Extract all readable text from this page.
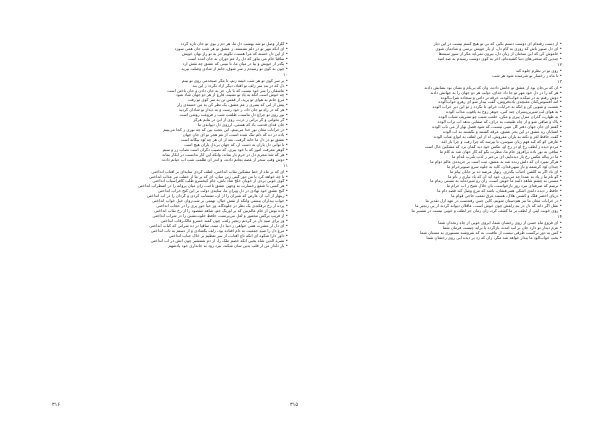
• گلزارِ وصلِ تو شد بهشتِ دلِ ما، هر دم ز بوی تو جان تازه گردد
• ای آنکه مهرِ تو در دلم نشسته، ز عشقِ تو هر شب جان همی سوزد
• از این دلِ خسته که مرا هست، نگویم جز به تو راز نهانِ خویش
• ساقیا جامِ می بیاور که دل را، غمِ دوران به جان آمده است
• بگذر از خویش و بیا در میانِ ما، تا ببینی که عشق چه نقش آرد
• چون به کوی تو رسیدم ز سرِ شوق، جانم از شادیِ وصلت بپرید
۱۰
• بر سرِ کوی تو هر شب خیمه زنم، تا مگر صبحدمی روی تو بینم
• دل که در بندِ سرِ زلفِ تو افتاد، دیگر آزاد نگردد ز این بند
• عاشقان را سرِ خود نیست که با یار، جز به جان دادن و جان باختن است
• چه خوش است آنکه به یادِ تو نشیند، فارغ از هر دو جهان شاد شود
• مرغِ جانم به هوای تو پرید، از قفسِ تن به سرِ کوی تو رفت
• پیش از آنی که بمیری ز غمِ عشق، یک نظر کن به منِ خسته‌ی زار
• هر که در راهِ تو جان داد، ز خود رست و به دیدارِ تو شادان گردید
• نورِ روی تو چراغِ دلِ ماست، ظلمتِ شب ز فروغت روشن است
• گر بخوانی و گر برانی ز درت، روی از این در نتابم هرگز
• جان فدای قدمت باد که هستی، آرزوی دلِ دیوانه‌ی ما
• در خرابات مغان نورِ خدا می‌بینم، این عجب بین که چه نوری ز کجا می‌بینم
• باده در ده که دلم تنگ شده است، از غمِ هجرِ تو ای جانِ جهان
• عشقِ تو در دلِ ما خانه گرفت، بعد از آن هر چه بُوَد بیگانه است
• تا توانی دلِ یاران به دست آر، که جهان بی‌دلِ یاران هیچ است
• گوهرِ معرفت آموز که با خود ببری، که نصیبِ دگران است نصابِ زر و سیم
• هر که شد محرمِ دل در حرمِ یار بماند، وانکه این کار ندانست در انکار بماند
• دوش وقتِ سحر از غصه نجاتم دادند، و اندر آن ظلمتِ شب آبِ حیاتم دادند
۱۱
• ای که بر ماه از خطِ مشکین نقاب انداختی، لطف کردی سایه‌ای بر آفتاب انداختی
• تا چه خواهد کرد با من دورِ گیتی زین میان، ای که بر ما از خطت تیرِ عذاب انداختی
• گوی خوبی بردی از خوبانِ خلخ شاد باش، جامِ کیخسرو طلب کافراسیاب انداختی
• هر کسی با شمعِ رخسارت به وجهی عشق باخت، زان میان پروانه را در اضطراب انداختی
• گنجِ عشقِ خود نهادی در دلِ ویرانِ ما، سایه‌ی دولت بر این کنجِ خراب انداختی
• زینهار از آبِ آن عارض که شیران را از آن، تشنه‌لب کردی و گردان را در آب انداختی
• خوابِ بیداران ببستی وانگه از نقشِ خیال، تهمتی بر شب‌روانِ خیلِ خواب انداختی
• پرده از رخ برفکندی یک نظر در جلوه‌گاه، وز حیا حورِ پری را در حجاب انداختی
• باده نوش از جامِ عالم‌بین که بر اورنگِ جم، شاهدِ مقصود را از رخ نقاب انداختی
• از فریبِ نرگسِ مخمور و لعلِ می‌پرست، حافظِ خلوت‌نشین را در شراب انداختی
• وز برای صیدِ دل در گردنم زنجیرِ زلف، چون کمند خسروِ مالک‌رقاب انداختی
• ای دل ار عشرت همی خواهی ز دنیا دل مبند، ساقیا در ده شرابی که کباب انداختی
• مرغِ دل را صیدِ جمعیت به دام افتاده بود، زلف بگشادی و از دستم به تاب انداختی
• داورِ دارا شکوه ای آنکه تاجِ آفتاب، از سرِ تعظیم بر خاکِ جناب انداختی
• نصرة الدین شاه یحیی آنکه خصمِ ملک را، از دمِ شمشیرِ چون آتش در آب انداختی
• یارِ دلدارِ من ار قلب بدین سان شکند، ببرد زود به جانداری خود پادشهم
• از دست رفته‌ام ای دوست دستم بگیر، که بی تو هیچ کسم نیست در این دیار
• ای دل صبور باش که روزی به کامِ دل، از یار خویش برسی و شادمان شوی
• خاموش کن که این سخنان از زبانِ دل، بیرون نمی‌آید مگر از سوزِ سینه‌ها
• چندین که سختی‌های دنیا کشیده‌ام، آخر به کوی دوست رسیدم به صد امید
۱۲
• روی تو در نظرم جلوه کند
• تا ماه ز رخسارِ تو شرمنده شود هر شب
۱۳
• آن که بی‌جان بود از عشق تو جانش دادند، وان که بی‌نام و نشان بود نشانش دادند
• هر که را در دلِ خود مهرِ تو جا داد خدای، دولتِ هر دو جهان را به جهانش دادند
• دوش رفتم به درِ میکده خواب‌آلوده، خرقه تر دامن و سجاده شراب‌آلوده
• آمد افسوس‌کنان مغبچه‌ی باده‌فروش، گفت بیدار شو ای رهروِ خواب‌آلوده
• شست و شویی کن و آنگه به خرابات خرام، تا نگردد ز تو این دیرِ خراب آلوده
• به هوای لبِ شیرین‌پسران چند کنی، جوهرِ روح به یاقوتِ مذاب آلوده
• به طهارت گذران منزلِ پیری و مکن، خلعتِ شیب چو تشریفِ شباب آلوده
• پاک و صافی شو و از چاهِ طبیعت به درآی، که صفایی ندهد آبِ تراب آلوده
• گفتم ای جانِ جهان دفترِ گل عیبی نیست، که شود فصلِ بهار از میِ ناب آلوده
• آشنایانِ رهِ عشق در این بحرِ عمیق، غرقه گشتند و نگشتند به آب آلوده
• گفت حافظ لغز و نکته به یاران مفروش، آه از این لطف به انواعِ عتاب آلوده
• عارفی کو که کند فهمِ زبانِ سوسن، تا بپرسد که چرا رفت و چرا باز آمد
• مردمِ دیده ز لطفِ رخِ او در رخِ او، عکسِ خود دید گمان برد که مشکین خال است
• ساقی به نورِ باده برافروز جامِ ما، مطرب بگو که کارِ جهان شد به کامِ ما
• ما در پیاله عکسِ رخِ یار دیده‌ایم، ای بی‌خبر ز لذتِ شُربِ مُدامِ ما
• هرگز نمیرد آن که دلش زنده شد به عشق، ثبت است بر جریده‌ی عالم دوامِ ما
• چندان بُوَد کرشمه و نازِ سهی‌قدان، کاید به جلوه سروِ صنوبرخرامِ ما
• ای باد اگر به گلشنِ احباب بگذری، زنهار عرضه ده بر جانان پیامِ ما
• گو نامِ ما ز یاد به عمدا چه می‌بری، خود آید آن که یاد نیاری ز نامِ ما
• مستی به چشمِ شاهدِ دلبندِ ما خوش است، زان رو سپرده‌اند به مستی زمامِ ما
• ترسم که صرفه‌ای نبرد روزِ بازخواست، نانِ حلالِ شیخ ز آبِ حرامِ ما
• حافظ ز دیده دانه‌ی اشکی همی‌فشان، باشد که مرغِ وصل کند قصدِ دامِ ما
• دریای اخضرِ فلک و کشتیِ هلال، هستند غرقِ نعمتِ حاجی قوامِ ما
• در خرابات مغان ما نیز هم‌دستان شویم، کاین چنین رفته‌ست در عهدِ ازل تقدیرِ ما
• عقل اگر داند که دل در بندِ زلفش چون خوش است، عاقلان دیوانه گردند از پیِ زنجیرِ ما
• روی خوبت آیتی از لطف بر ما کشف کرد، زان زمان جز لطف و خوبی نیست در تفسیرِ ما
۱۴
• ای فروغِ ماهِ حسن از روی رخشانِ شما، آبروی خوبی از چاهِ زنخدانِ شما
• عزمِ دیدارِ تو دارد جانِ بر لب آمده، بازگردد یا برآید چیست فرمانِ شما
• کس به دورِ نرگست طَرفی نبست از عافیت، به که نفروشند مستوری به مستانِ شما
• بختِ خواب‌آلودِ ما بیدار خواهد شد مگر، زان که زد بر دیده آبی روی رخشانِ شما
۳۱۶	۳۱۵
